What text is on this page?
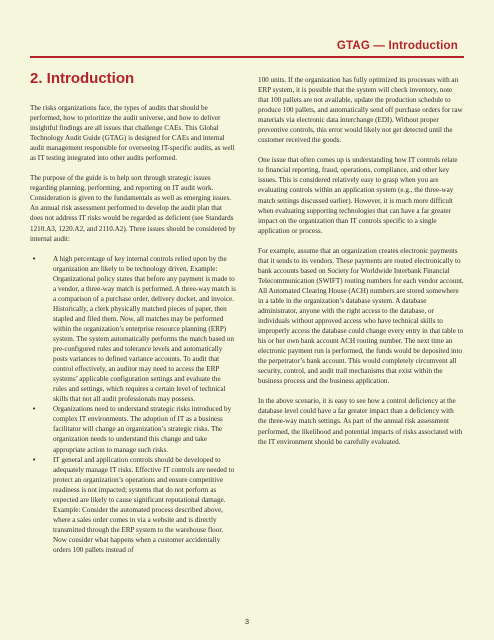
GTAG — Introduction
2. Introduction

The risks organizations face, the types of audits that should be performed, how to prioritize the audit universe, and how to deliver insightful findings are all issues that challenge CAEs. This Global Technology Audit Guide (GTAG) is designed for CAEs and internal audit management responsible for overseeing IT-specific audits, as well as IT testing integrated into other audits performed.

The purpose of the guide is to help sort through strategic issues regarding planning, performing, and reporting on IT audit work. Consideration is given to the fundamentals as well as emerging issues. An annual risk assessment performed to develop the audit plan that does not address IT risks would be regarded as deficient (see Standards 1210.A3, 1220.A2, and 2110.A2). Three issues should be considered by internal audit:

• A high percentage of key internal controls relied upon by the organization are likely to be technology driven. Example: Organizational policy states that before any payment is made to a vendor, a three-way match is performed. A three-way match is a comparison of a purchase order, delivery docket, and invoice. Historically, a clerk physically matched pieces of paper, then stapled and filed them. Now, all matches may be performed within the organization’s enterprise resource planning (ERP) system. The system automatically performs the match based on pre-configured rules and tolerance levels and automatically posts variances to defined variance accounts. To audit that control effectively, an auditor may need to access the ERP systems’ applicable configuration settings and evaluate the rules and settings, which requires a certain level of technical skills that not all audit professionals may possess.
• Organizations need to understand strategic risks introduced by complex IT environments. The adoption of IT as a business facilitator will change an organization’s strategic risks. The organization needs to understand this change and take appropriate action to manage such risks.
• IT general and application controls should be developed to adequately manage IT risks. Effective IT controls are needed to protect an organization’s operations and ensure competitive readiness is not impacted; systems that do not perform as expected are likely to cause significant reputational damage. Example: Consider the automated process described above, where a sales order comes in via a website and is directly transmitted through the ERP system to the warehouse floor. Now consider what happens when a customer accidentally orders 100 pallets instead of

100 units. If the organization has fully optimized its processes with an ERP system, it is possible that the system will check inventory, note that 100 pallets are not available, update the production schedule to produce 100 pallets, and automatically send off purchase orders for raw materials via electronic data interchange (EDI). Without proper preventive controls, this error would likely not get detected until the customer received the goods.

One issue that often comes up is understanding how IT controls relate to financial reporting, fraud, operations, compliance, and other key issues. This is considered relatively easy to grasp when you are evaluating controls within an application system (e.g., the three-way match settings discussed earlier). However, it is much more difficult when evaluating supporting technologies that can have a far greater impact on the organization than IT controls specific to a single application or process.

For example, assume that an organization creates electronic payments that it sends to its vendors. These payments are routed electronically to bank accounts based on Society for Worldwide Interbank Financial Telecommunication (SWIFT) routing numbers for each vendor account. All Automated Clearing House (ACH) numbers are stored somewhere in a table in the organization’s database system. A database administrator, anyone with the right access to the database, or individuals without approved access who have technical skills to improperly access the database could change every entry in that table to his or her own bank account ACH routing number. The next time an electronic payment run is performed, the funds would be deposited into the perpetrator’s bank account. This would completely circumvent all security, control, and audit trail mechanisms that exist within the business process and the business application.

In the above scenario, it is easy to see how a control deficiency at the database level could have a far greater impact than a deficiency with the three-way match settings. As part of the annual risk assessment performed, the likelihood and potential impacts of risks associated with the IT environment should be carefully evaluated.

3
